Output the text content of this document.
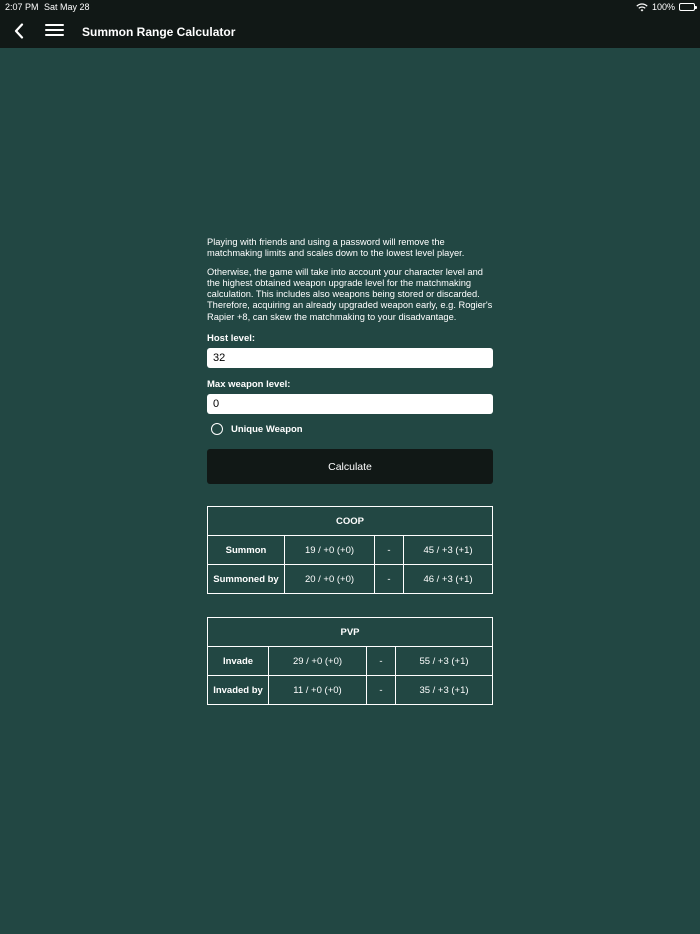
2:07 PM Sat May 28	100%
Summon Range Calculator

Playing with friends and using a password will remove the matchmaking limits and scales down to the lowest level player.

Otherwise, the game will take into account your character level and the highest obtained weapon upgrade level for the matchmaking calculation. This includes also weapons being stored or discarded. Therefore, acquiring an already upgraded weapon early, e.g. Rogier's Rapier +8, can skew the matchmaking to your disadvantage.

Host level:
32
Max weapon level:
0
Unique Weapon
Calculate
COOP			
Summon	19 / +0 (+0)	-	45 / +3 (+1)
Summoned by	20 / +0 (+0)	-	46 / +3 (+1)
PVP			
Invade	29 / +0 (+0)	-	55 / +3 (+1)
Invaded by	11 / +0 (+0)	-	35 / +3 (+1)
